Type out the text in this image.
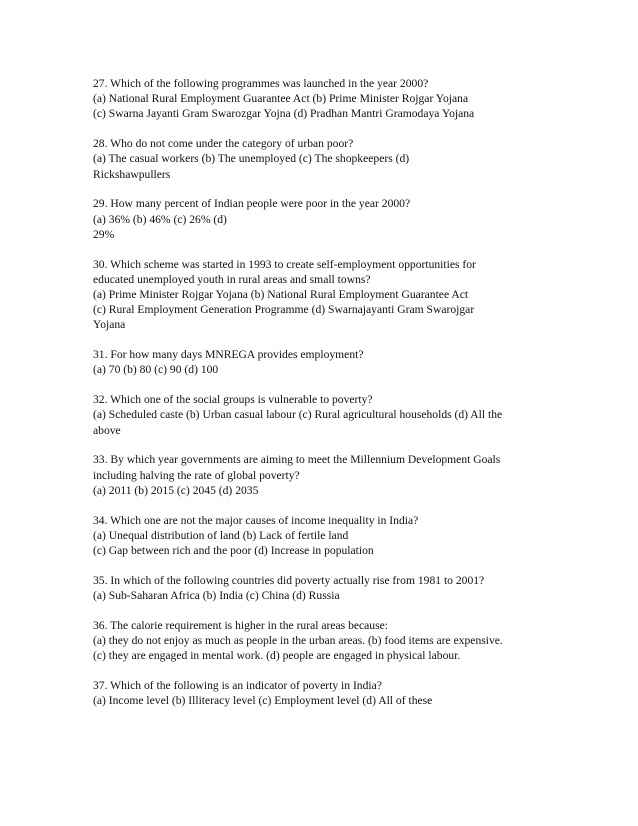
27. Which of the following programmes was launched in the year 2000?
(a) National Rural Employment Guarantee Act (b) Prime Minister Rojgar Yojana
(c) Swarna Jayanti Gram Swarozgar Yojna (d) Pradhan Mantri Gramodaya Yojana
28. Who do not come under the category of urban poor?
(a) The casual workers (b) The unemployed (c) The shopkeepers (d)
Rickshawpullers
29. How many percent of Indian people were poor in the year 2000?
(a) 36% (b) 46% (c) 26% (d)
29%
30. Which scheme was started in 1993 to create self-employment opportunities for
educated unemployed youth in rural areas and small towns?
(a) Prime Minister Rojgar Yojana (b) National Rural Employment Guarantee Act
(c) Rural Employment Generation Programme (d) Swarnajayanti Gram Swarojgar
Yojana
31. For how many days MNREGA provides employment?
(a) 70 (b) 80 (c) 90 (d) 100
32. Which one of the social groups is vulnerable to poverty?
(a) Scheduled caste (b) Urban casual labour (c) Rural agricultural households (d) All the
above
33. By which year governments are aiming to meet the Millennium Development Goals
including halving the rate of global poverty?
(a) 2011 (b) 2015 (c) 2045 (d) 2035
34. Which one are not the major causes of income inequality in India?
(a) Unequal distribution of land (b) Lack of fertile land
(c) Gap between rich and the poor (d) Increase in population
35. In which of the following countries did poverty actually rise from 1981 to 2001?
(a) Sub-Saharan Africa (b) India (c) China (d) Russia
36. The calorie requirement is higher in the rural areas because:
(a) they do not enjoy as much as people in the urban areas. (b) food items are expensive.
(c) they are engaged in mental work. (d) people are engaged in physical labour.
37. Which of the following is an indicator of poverty in India?
(a) Income level (b) Illiteracy level (c) Employment level (d) All of these
